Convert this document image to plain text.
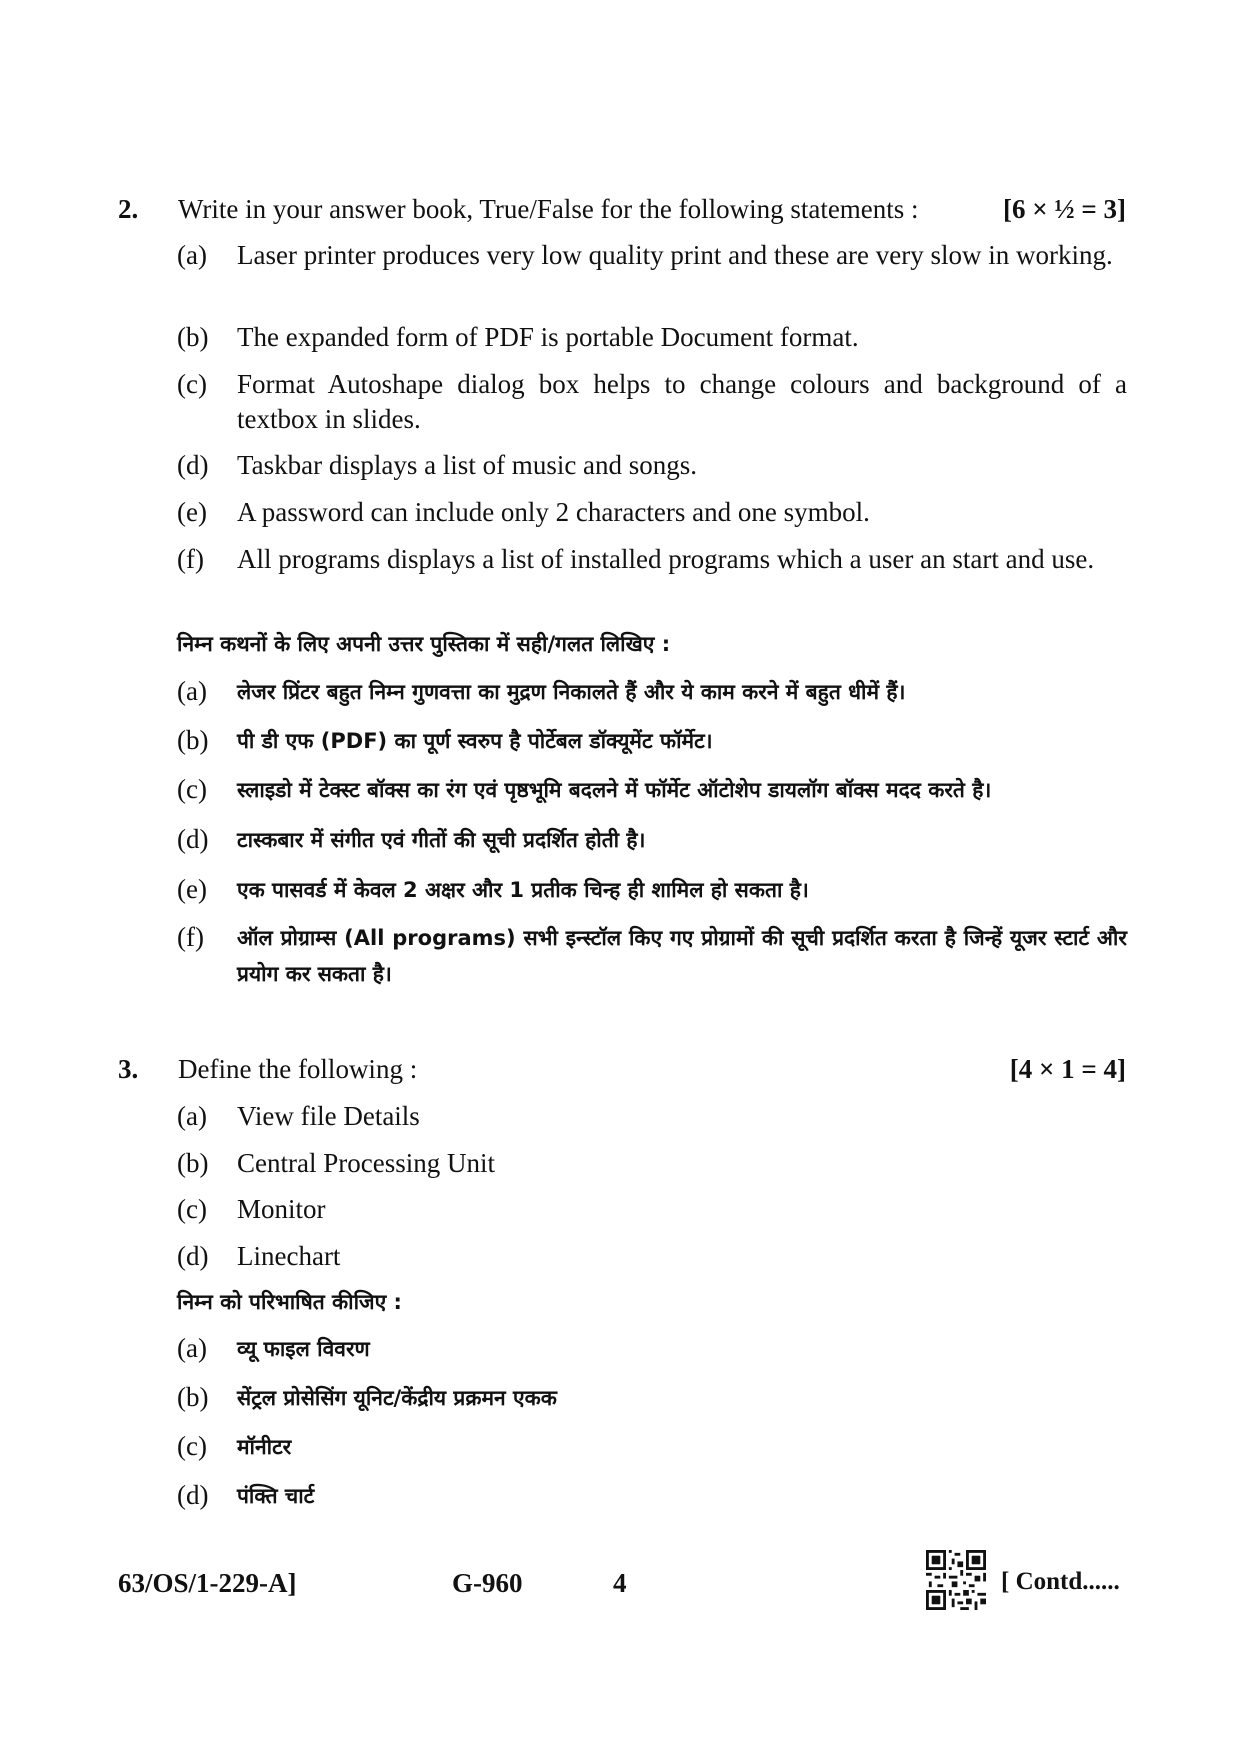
2. Write in your answer book, True/False for the following statements :	[6 × ½ = 3]
(a) Laser printer produces very low quality print and these are very slow in working.
(b) The expanded form of PDF is portable Document format.
(c) Format Autoshape dialog box helps to change colours and background of a textbox in slides.
(d) Taskbar displays a list of music and songs.
(e) A password can include only 2 characters and one symbol.
(f) All programs displays a list of installed programs which a user an start and use.
निम्न कथनों के लिए अपनी उत्तर पुस्तिका में सही/गलत लिखिए :
(a) लेजर प्रिंटर बहुत निम्न गुणवत्ता का मुद्रण निकालते हैं और ये काम करने में बहुत धीमें हैं।
(b) पी डी एफ (PDF) का पूर्ण स्वरुप है पोर्टेबल डॉक्यूमेंट फॉर्मेट।
(c) स्लाइडो में टेक्स्ट बॉक्स का रंग एवं पृष्ठभूमि बदलने में फॉर्मेट ऑटोशेप डायलॉग बॉक्स मदद करते है।
(d) टास्कबार में संगीत एवं गीतों की सूची प्रदर्शित होती है।
(e) एक पासवर्ड में केवल 2 अक्षर और 1 प्रतीक चिन्ह ही शामिल हो सकता है।
(f) ऑल प्रोग्राम्स (All programs) सभी इन्स्टॉल किए गए प्रोग्रामों की सूची प्रदर्शित करता है जिन्हें यूजर स्टार्ट और प्रयोग कर सकता है।
3. Define the following :	[4 × 1 = 4]
(a) View file Details
(b) Central Processing Unit
(c) Monitor
(d) Linechart
निम्न को परिभाषित कीजिए :
(a) व्यू फाइल विवरण
(b) सेंट्रल प्रोसेसिंग यूनिट/केंद्रीय प्रक्रमन एकक
(c) मॉनीटर
(d) पंक्ति चार्ट
63/OS/1-229-A]	G-960	4	[ Contd......
